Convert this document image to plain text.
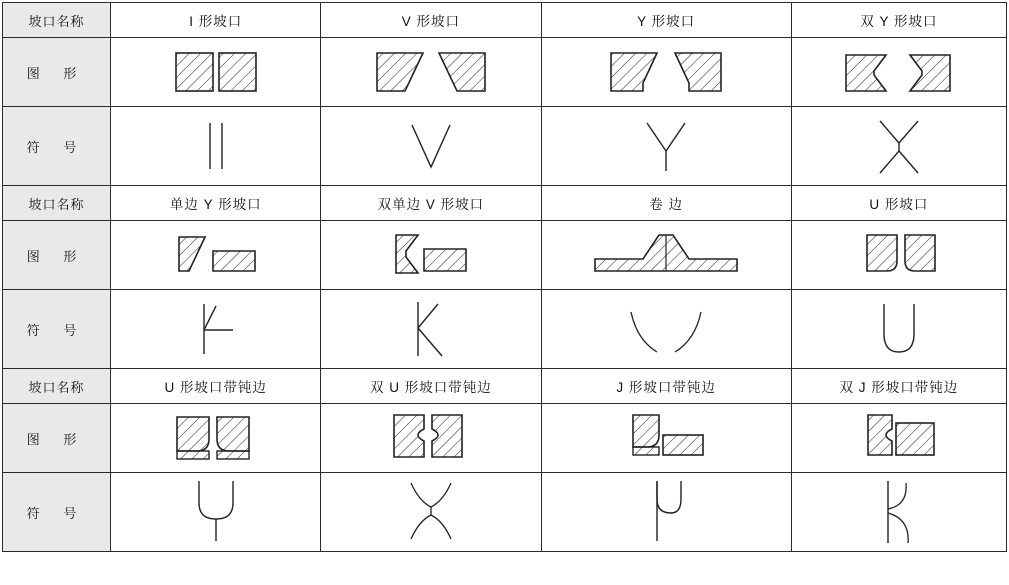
坡口名称	I 形坡口	V 形坡口	Y 形坡口	双 Y 形坡口
图 形	

符 号	

坡口名称	单边 Y 形坡口	双单边 V 形坡口	卷 边	U 形坡口
图 形	

符 号	

坡口名称	U 形坡口带钝边	双 U 形坡口带钝边	J 形坡口带钝边	双 J 形坡口带钝边
图 形	

符 号	
